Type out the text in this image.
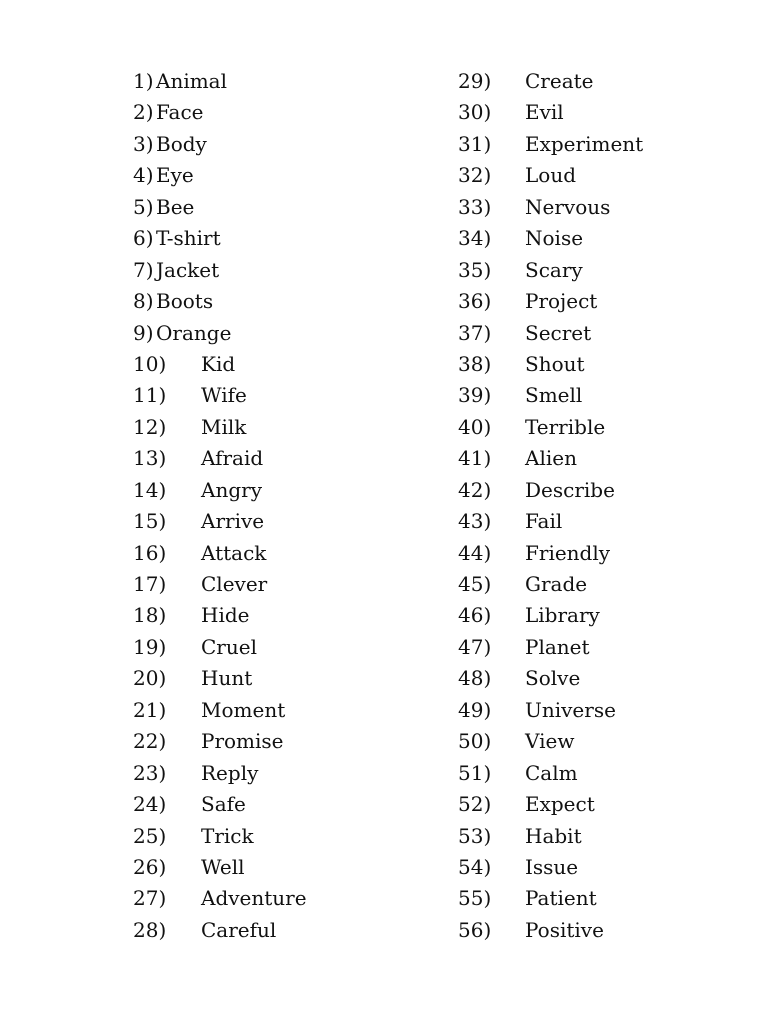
1) Animal
2) Face
3) Body
4) Eye
5) Bee
6) T-shirt
7) Jacket
8) Boots
9) Orange
10) Kid
11) Wife
12) Milk
13) Afraid
14) Angry
15) Arrive
16) Attack
17) Clever
18) Hide
19) Cruel
20) Hunt
21) Moment
22) Promise
23) Reply
24) Safe
25) Trick
26) Well
27) Adventure
28) Careful
29) Create
30) Evil
31) Experiment
32) Loud
33) Nervous
34) Noise
35) Scary
36) Project
37) Secret
38) Shout
39) Smell
40) Terrible
41) Alien
42) Describe
43) Fail
44) Friendly
45) Grade
46) Library
47) Planet
48) Solve
49) Universe
50) View
51) Calm
52) Expect
53) Habit
54) Issue
55) Patient
56) Positive
